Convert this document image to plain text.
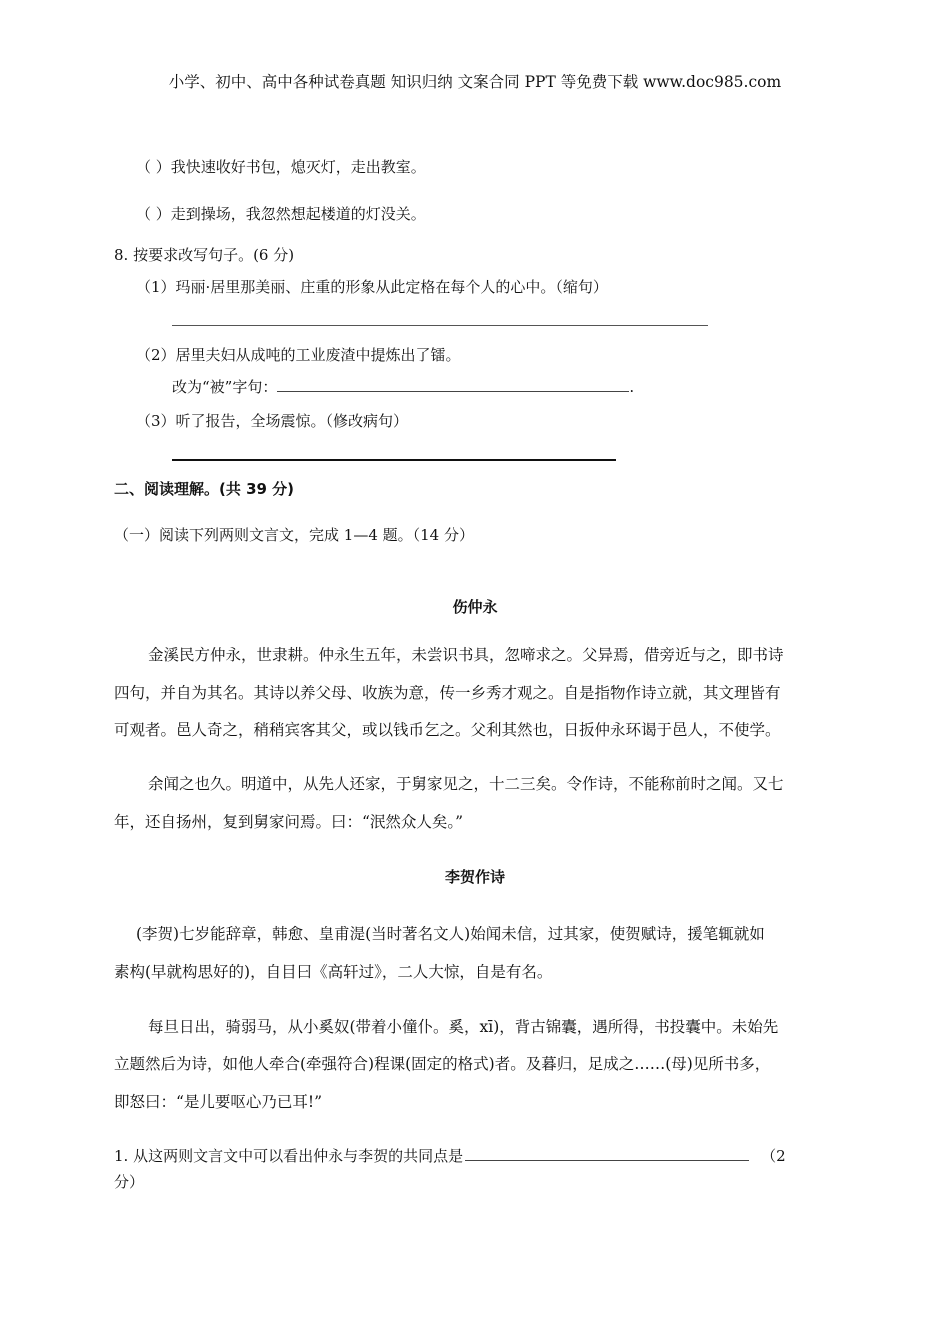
小学、初中、高中各种试卷真题 知识归纳 文案合同 PPT 等免费下载 www.doc985.com
（ ）我快速收好书包，熄灭灯，走出教室。
（ ）走到操场，我忽然想起楼道的灯没关。
8. 按要求改写句子。(6 分)
（1）玛丽·居里那美丽、庄重的形象从此定格在每个人的心中。（缩句）
（2）居里夫妇从成吨的工业废渣中提炼出了镭。
改为“被”字句：	.
（3）听了报告，全场震惊。（修改病句）
二、阅读理解。(共 39 分)
（一）阅读下列两则文言文，完成 1—4 题。（14 分）
伤仲永
金溪民方仲永，世隶耕。仲永生五年，未尝识书具，忽啼求之。父异焉，借旁近与之，即书诗
四句，并自为其名。其诗以养父母、收族为意，传一乡秀才观之。自是指物作诗立就，其文理皆有
可观者。邑人奇之，稍稍宾客其父，或以钱币乞之。父利其然也，日扳仲永环谒于邑人，不使学。
余闻之也久。明道中，从先人还家，于舅家见之，十二三矣。令作诗，不能称前时之闻。又七
年，还自扬州，复到舅家问焉。曰：“泯然众人矣。”
李贺作诗
(李贺)七岁能辞章，韩愈、皇甫湜(当时著名文人)始闻未信，过其家，使贺赋诗，援笔辄就如
素构(早就构思好的)，自目曰《高轩过》，二人大惊，自是有名。
每旦日出，骑弱马，从小奚奴(带着小僮仆。奚，xī)，背古锦囊，遇所得，书投囊中。未始先
立题然后为诗，如他人牵合(牵强符合)程课(固定的格式)者。及暮归，足成之……(母)见所书多，
即怒曰：“是儿要呕心乃已耳!”
1. 从这两则文言文中可以看出仲永与李贺的共同点是	（2
分）
